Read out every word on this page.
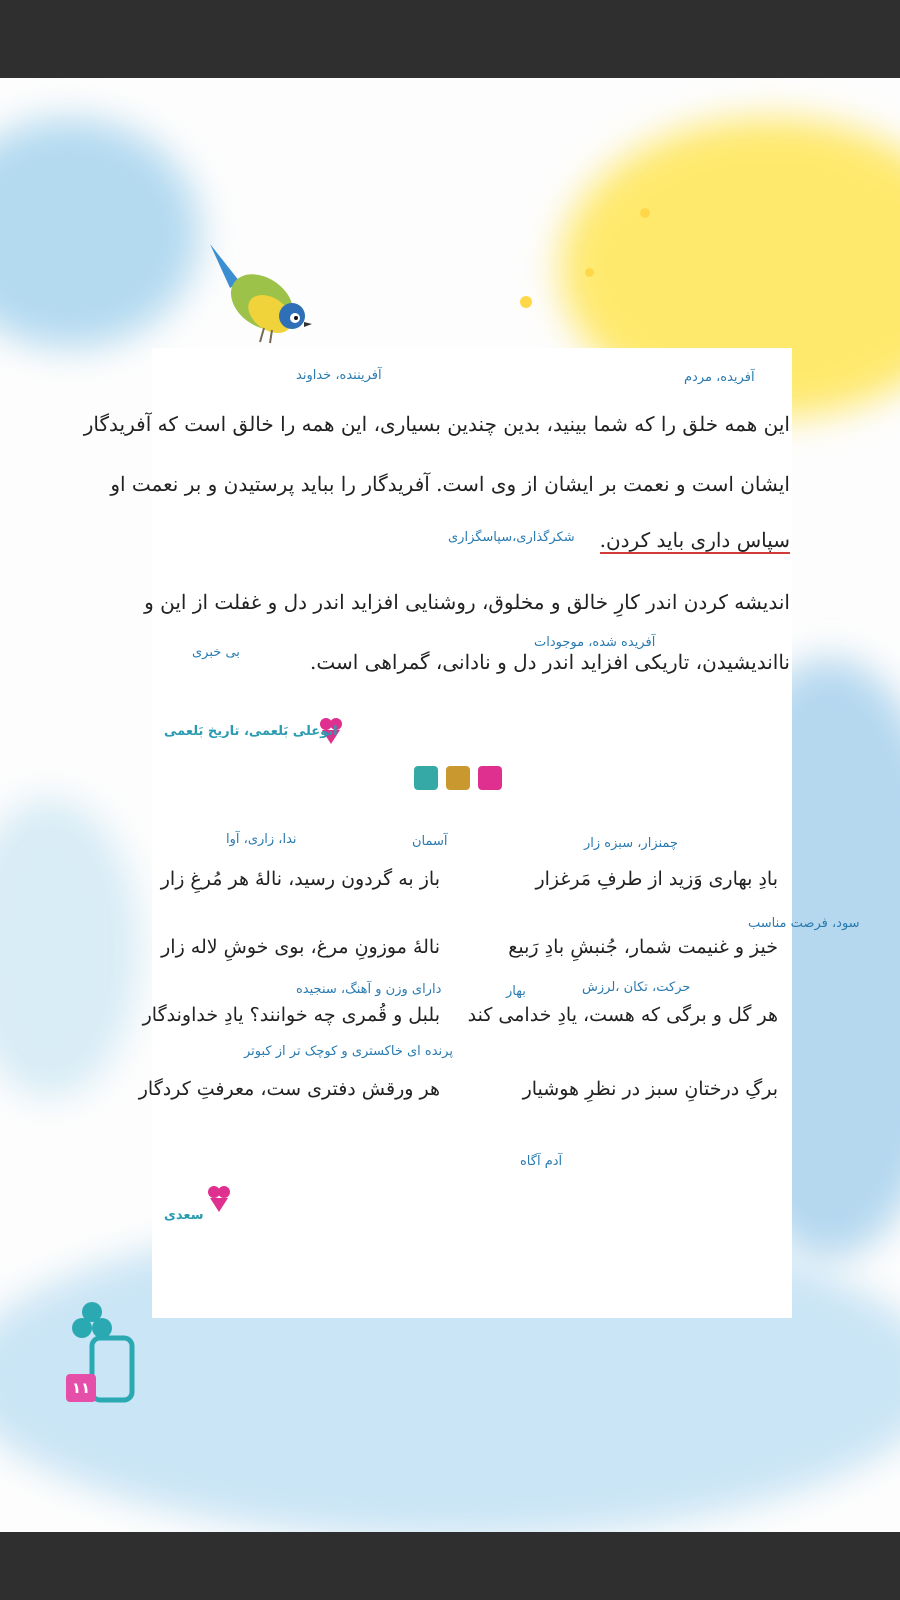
آفریده، مردم
آفریننده، خداوند
این همه خلق را که شما بینید، بدین چندین بسیاری، این همه را خالق است که آفریدگار
ایشان است و نعمت بر ایشان از وی است. آفریدگار را بباید پرستیدن و بر نعمت او
سپاس داری باید کردن.
شکرگذاری،سپاسگزاری
اندیشه کردن اندر کارِ خالق و مخلوق، روشنایی افزاید اندر دل و غفلت از این و
آفریده شده، موجودات
بی خبری	نااندیشیدن، تاریکی افزاید اندر دل و نادانی، گمراهی است.
ابوعلی بَلعمی، تاریخ بَلعمی
چمنزار، سبزه زار
آسمان
ندا، زاری، آوا
سود، فرصت مناسب
حرکت، تکان ،لرزش
بهار
دارای وزن و آهنگ، سنجیده
پرنده ای خاکستری و کوچک تر از کبوتر
آدم آگاه
بادِ بهاری وَزید از طرفِ مَرغزار
باز به گردون رسید، نالهٔ هر مُرغِ زار
خیز و غنیمت شمار، جُنبشِ بادِ رَبیع
نالهٔ موزونِ مرغ، بوی خوشِ لاله زار
هر گل و برگی که هست، یادِ خدامی کند
بلبل و قُمری چه خوانند؟ یادِ خداوندگار
برگِ درختانِ سبز در نظرِ هوشیار
هر ورقش دفتری ست، معرفتِ کردگار
سعدی
۱۱
